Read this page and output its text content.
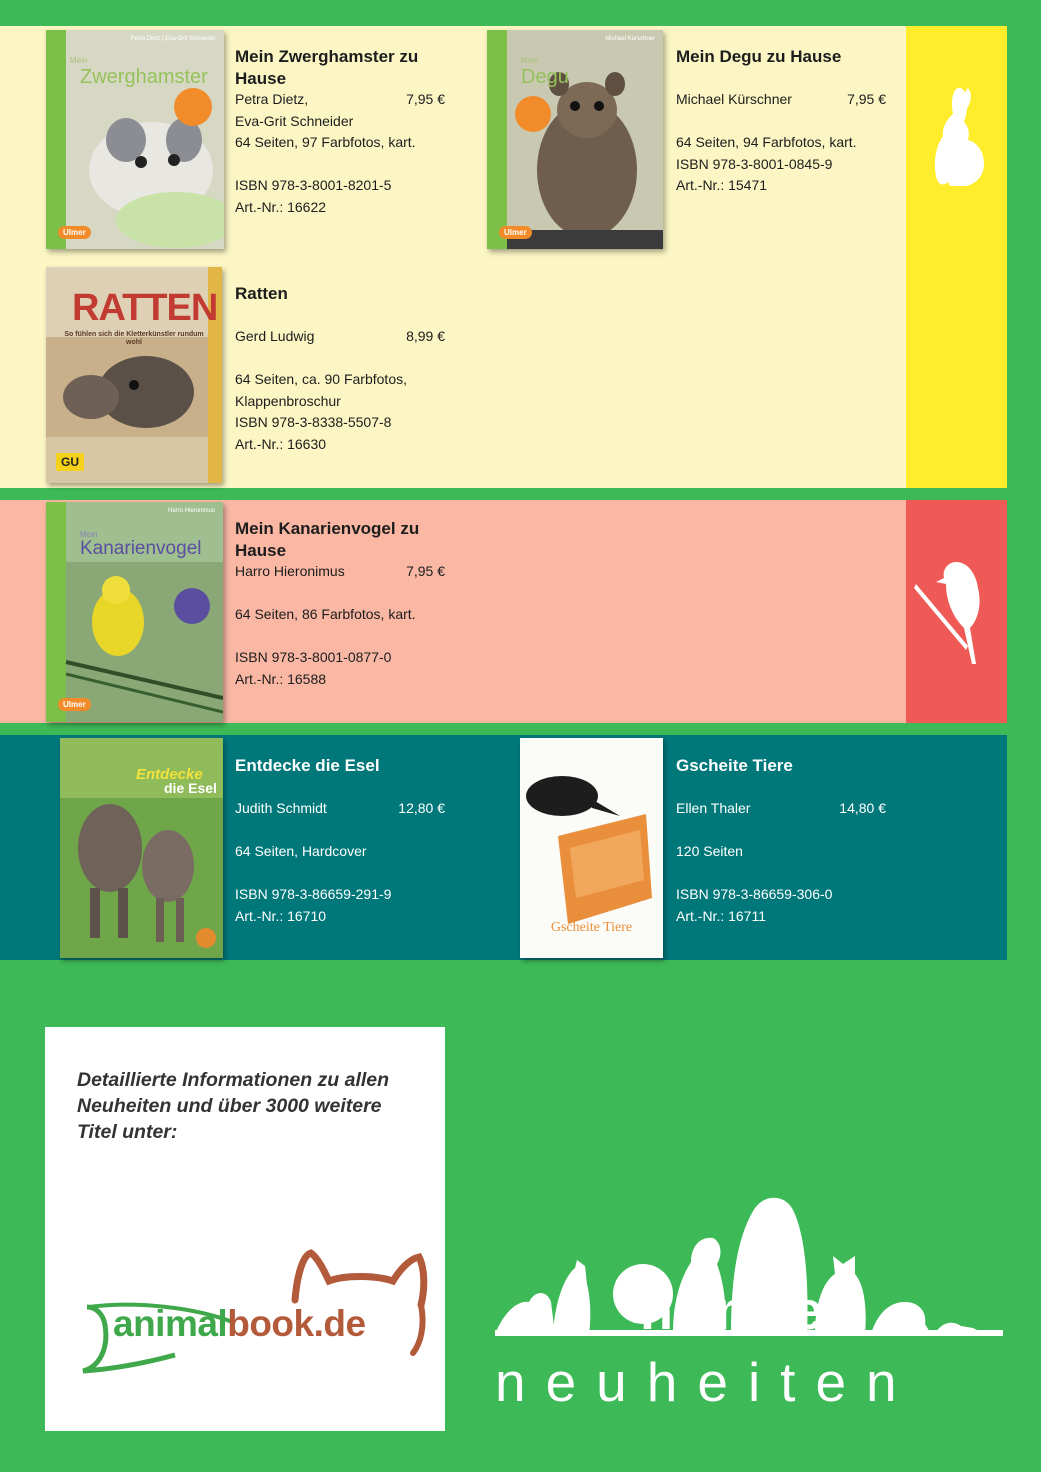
Mein
Zwerghamster
Petra Dietz | Eva-Grit Schneider
Ulmer
Mein Zwerghamster zu Hause
Petra Dietz,	7,95 €
Eva-Grit Schneider
64 Seiten, 97 Farbfotos, kart.
ISBN 978-3-8001-8201-5
Art.-Nr.: 16622
Mein
Degu
Michael Kürschner
Ulmer
Mein Degu zu Hause
Michael Kürschner	7,95 €
64 Seiten, 94 Farbfotos, kart.
ISBN 978-3-8001-0845-9
Art.-Nr.: 15471
RATTEN
So fühlen sich die Kletterkünstler rundum wohl
GU
Ratten
Gerd Ludwig	8,99 €
64 Seiten, ca. 90 Farbfotos,
Klappenbroschur
ISBN 978-3-8338-5507-8
Art.-Nr.: 16630
Mein
Kanarienvogel
Harro Hieronimus
Ulmer
Mein Kanarienvogel zu Hause
Harro Hieronimus	7,95 €
64 Seiten, 86 Farbfotos, kart.
ISBN 978-3-8001-0877-0
Art.-Nr.: 16588
Entdecke
die Esel
Entdecke die Esel
Judith Schmidt	12,80 €
64 Seiten, Hardcover
ISBN 978-3-86659-291-9
Art.-Nr.: 16710
Gscheite Tiere
Gscheite Tiere
Ellen Thaler	14,80 €
120 Seiten
ISBN 978-3-86659-306-0
Art.-Nr.: 16711
Detaillierte Informationen zu allen
Neuheiten und über 3000 weitere
Titel unter:
animalbook.de	heimtier
neuheiten
